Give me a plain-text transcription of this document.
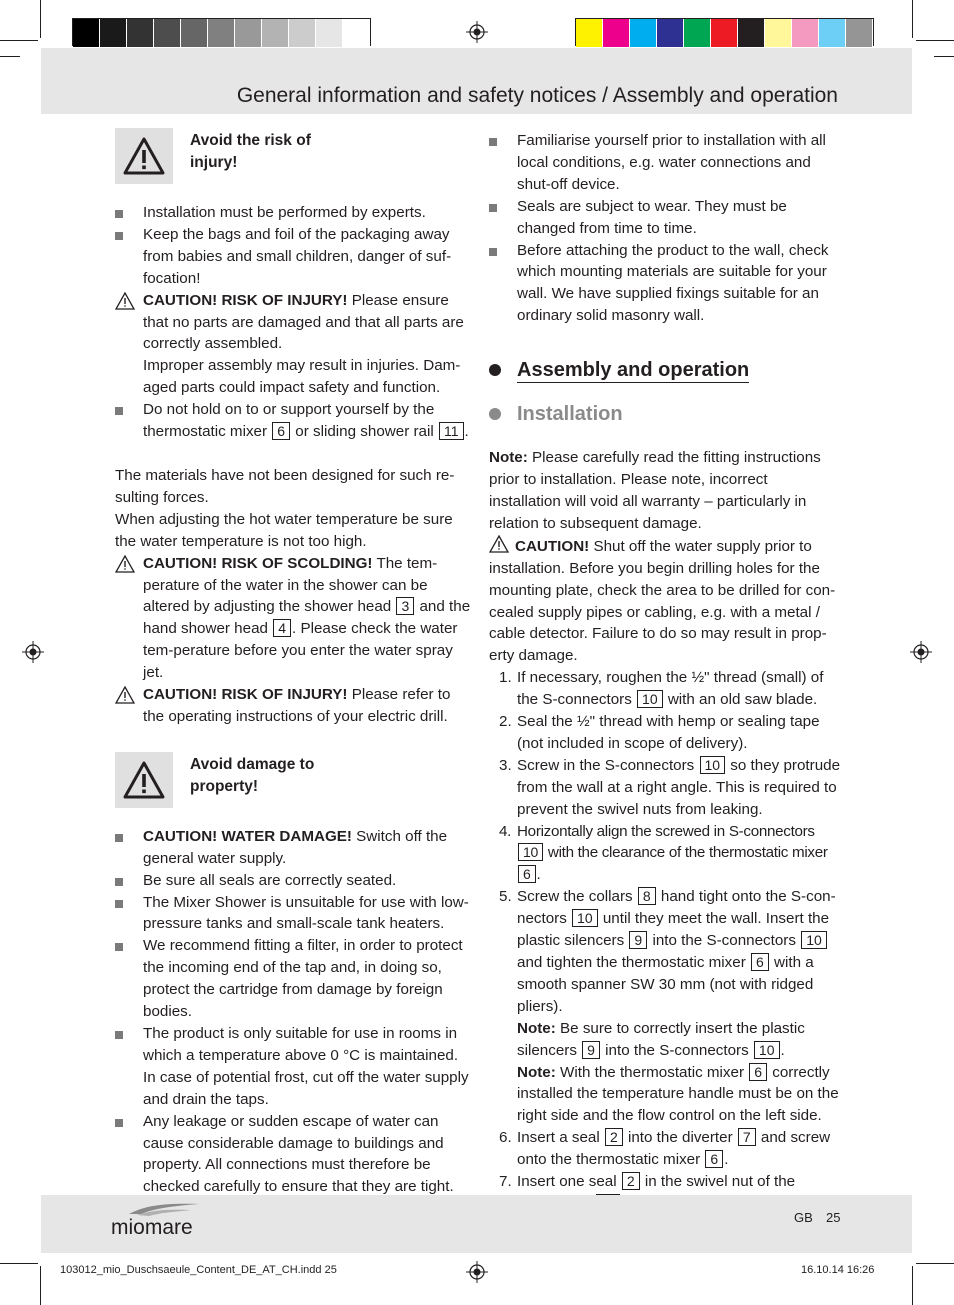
General information and safety notices / Assembly and operation
Avoid the risk of injury!
Installation must be performed by experts.
Keep the bags and foil of the packaging away from babies and small children, danger of suf-focation!
CAUTION! RISK OF INJURY! Please ensure that no parts are damaged and that all parts are correctly assembled.
Improper assembly may result in injuries. Dam-aged parts could impact safety and function.
Do not hold on to or support yourself by the thermostatic mixer 6 or sliding shower rail 11 .
The materials have not been designed for such re-sulting forces.
When adjusting the hot water temperature be sure the water temperature is not too high.
CAUTION! RISK OF SCOLDING! The tem-perature of the water in the shower can be altered by adjusting the shower head 3 and the hand shower head 4 . Please check the water tem-perature before you enter the water spray jet.
CAUTION! RISK OF INJURY! Please refer to the operating instructions of your electric drill.
Avoid damage to property!
CAUTION! WATER DAMAGE! Switch off the general water supply.
Be sure all seals are correctly seated.
The Mixer Shower is unsuitable for use with low-pressure tanks and small-scale tank heaters.
We recommend fitting a filter, in order to protect the incoming end of the tap and, in doing so, protect the cartridge from damage by foreign bodies.
The product is only suitable for use in rooms in which a temperature above 0 °C is maintained. In case of potential frost, cut off the water supply and drain the taps.
Any leakage or sudden escape of water can cause considerable damage to buildings and property. All connections must therefore be checked carefully to ensure that they are tight.
Familiarise yourself prior to installation with all local conditions, e.g. water connections and shut-off device.
Seals are subject to wear. They must be changed from time to time.
Before attaching the product to the wall, check which mounting materials are suitable for your wall. We have supplied fixings suitable for an ordinary solid masonry wall.
Assembly and operation
Installation
Note: Please carefully read the fitting instructions prior to installation. Please note, incorrect installation will void all warranty – particularly in relation to subsequent damage.
CAUTION! Shut off the water supply prior to installation. Before you begin drilling holes for the mounting plate, check the area to be drilled for con-cealed supply pipes or cabling, e.g. with a metal / cable detector. Failure to do so may result in prop-erty damage.
1. If necessary, roughen the ½" thread (small) of the S-connectors 10 with an old saw blade.
2. Seal the ½" thread with hemp or sealing tape (not included in scope of delivery).
3. Screw in the S-connectors 10 so they protrude from the wall at a right angle. This is required to prevent the swivel nuts from leaking.
4. Horizontally align the screwed in S-connectors 10 with the clearance of the thermostatic mixer 6 .
5. Screw the collars 8 hand tight onto the S-con-nectors 10 until they meet the wall. Insert the plastic silencers 9 into the S-connectors 10 and tighten the thermostatic mixer 6 with a smooth spanner SW 30 mm (not with ridged pliers).
Note: Be sure to correctly insert the plastic silencers 9 into the S-connectors 10 .
Note: With the thermostatic mixer 6 correctly installed the temperature handle must be on the right side and the flow control on the left side.
6. Insert a seal 2 into the diverter 7 and screw onto the thermostatic mixer 6 .
7. Insert one seal 2 in the swivel nut of the
miomare	GB 25
103012_mio_Duschsaeule_Content_DE_AT_CH.indd 25	16.10.14 16:26
